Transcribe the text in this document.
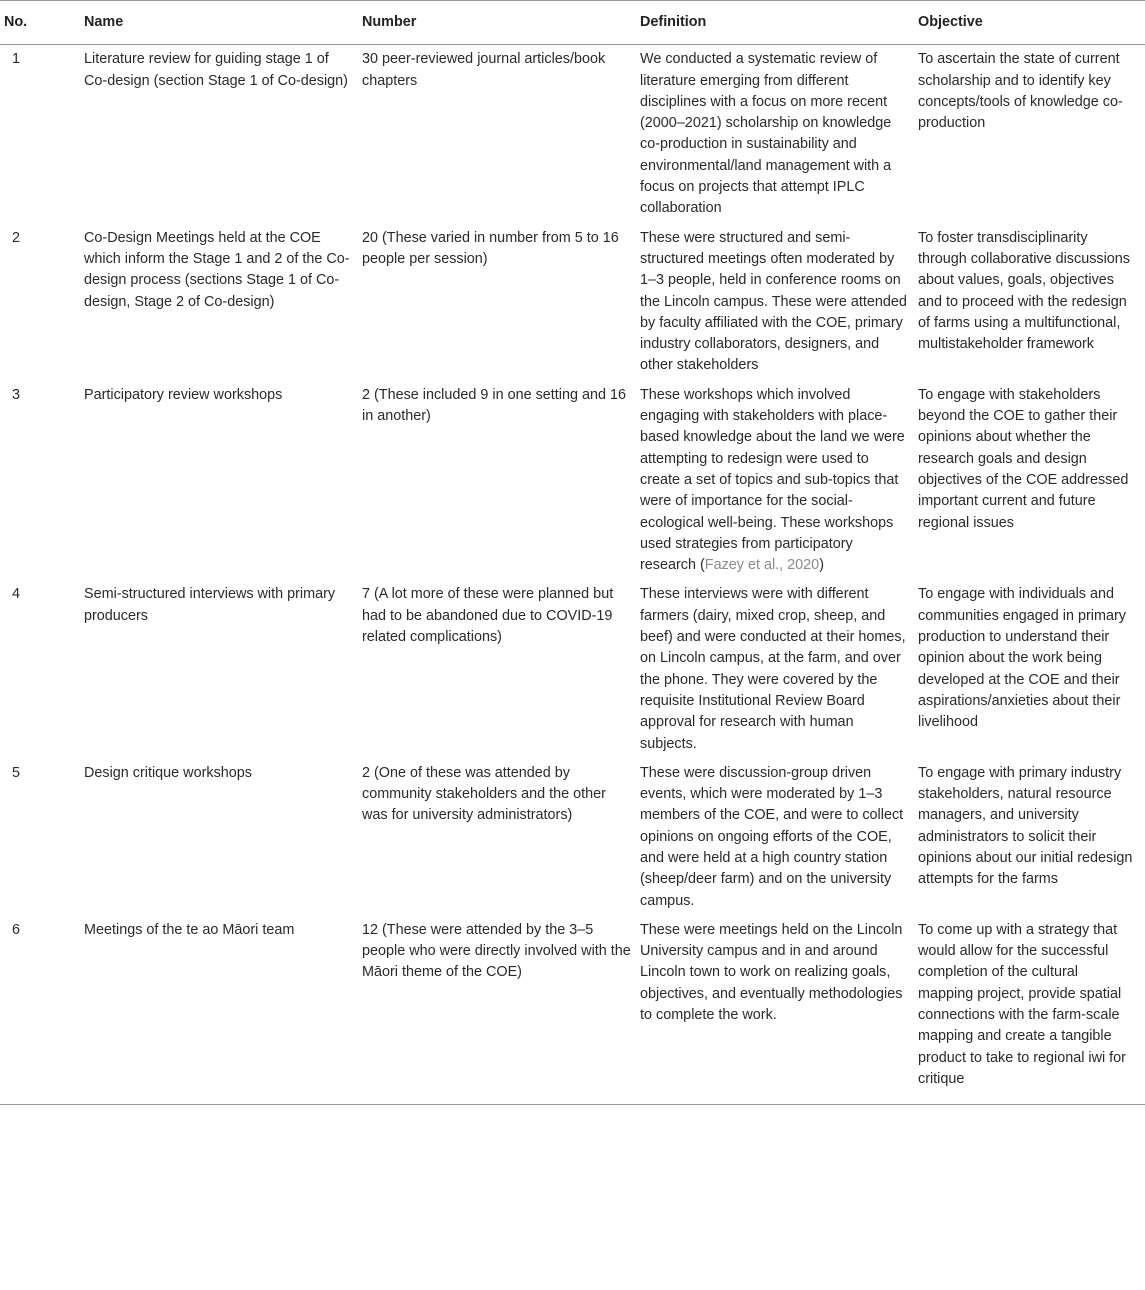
No.	Name	Number	Definition	Objective
1	Literature review for guiding stage 1 of Co-design (section Stage 1 of Co-design)	30 peer-reviewed journal articles/book chapters	We conducted a systematic review of literature emerging from different disciplines with a focus on more recent (2000–2021) scholarship on knowledge co-production in sustainability and environmental/land management with a focus on projects that attempt IPLC collaboration	To ascertain the state of current scholarship and to identify key concepts/tools of knowledge co-production
2	Co-Design Meetings held at the COE which inform the Stage 1 and 2 of the Co-design process (sections Stage 1 of Co-design, Stage 2 of Co-design)	20 (These varied in number from 5 to 16 people per session)	These were structured and semi-structured meetings often moderated by 1–3 people, held in conference rooms on the Lincoln campus. These were attended by faculty affiliated with the COE, primary industry collaborators, designers, and other stakeholders	To foster transdisciplinarity through collaborative discussions about values, goals, objectives and to proceed with the redesign of farms using a multifunctional, multistakeholder framework
3	Participatory review workshops	2 (These included 9 in one setting and 16 in another)	These workshops which involved engaging with stakeholders with place-based knowledge about the land we were attempting to redesign were used to create a set of topics and sub-topics that were of importance for the social-ecological well-being. These workshops used strategies from participatory research (Fazey et al., 2020)	To engage with stakeholders beyond the COE to gather their opinions about whether the research goals and design objectives of the COE addressed important current and future regional issues
4	Semi-structured interviews with primary producers	7 (A lot more of these were planned but had to be abandoned due to COVID-19 related complications)	These interviews were with different farmers (dairy, mixed crop, sheep, and beef) and were conducted at their homes, on Lincoln campus, at the farm, and over the phone. They were covered by the requisite Institutional Review Board approval for research with human subjects.	To engage with individuals and communities engaged in primary production to understand their opinion about the work being developed at the COE and their aspirations/anxieties about their livelihood
5	Design critique workshops	2 (One of these was attended by community stakeholders and the other was for university administrators)	These were discussion-group driven events, which were moderated by 1–3 members of the COE, and were to collect opinions on ongoing efforts of the COE, and were held at a high country station (sheep/deer farm) and on the university campus.	To engage with primary industry stakeholders, natural resource managers, and university administrators to solicit their opinions about our initial redesign attempts for the farms
6	Meetings of the te ao Māori team	12 (These were attended by the 3–5 people who were directly involved with the Māori theme of the COE)	These were meetings held on the Lincoln University campus and in and around Lincoln town to work on realizing goals, objectives, and eventually methodologies to complete the work.	To come up with a strategy that would allow for the successful completion of the cultural mapping project, provide spatial connections with the farm-scale mapping and create a tangible product to take to regional iwi for critique
